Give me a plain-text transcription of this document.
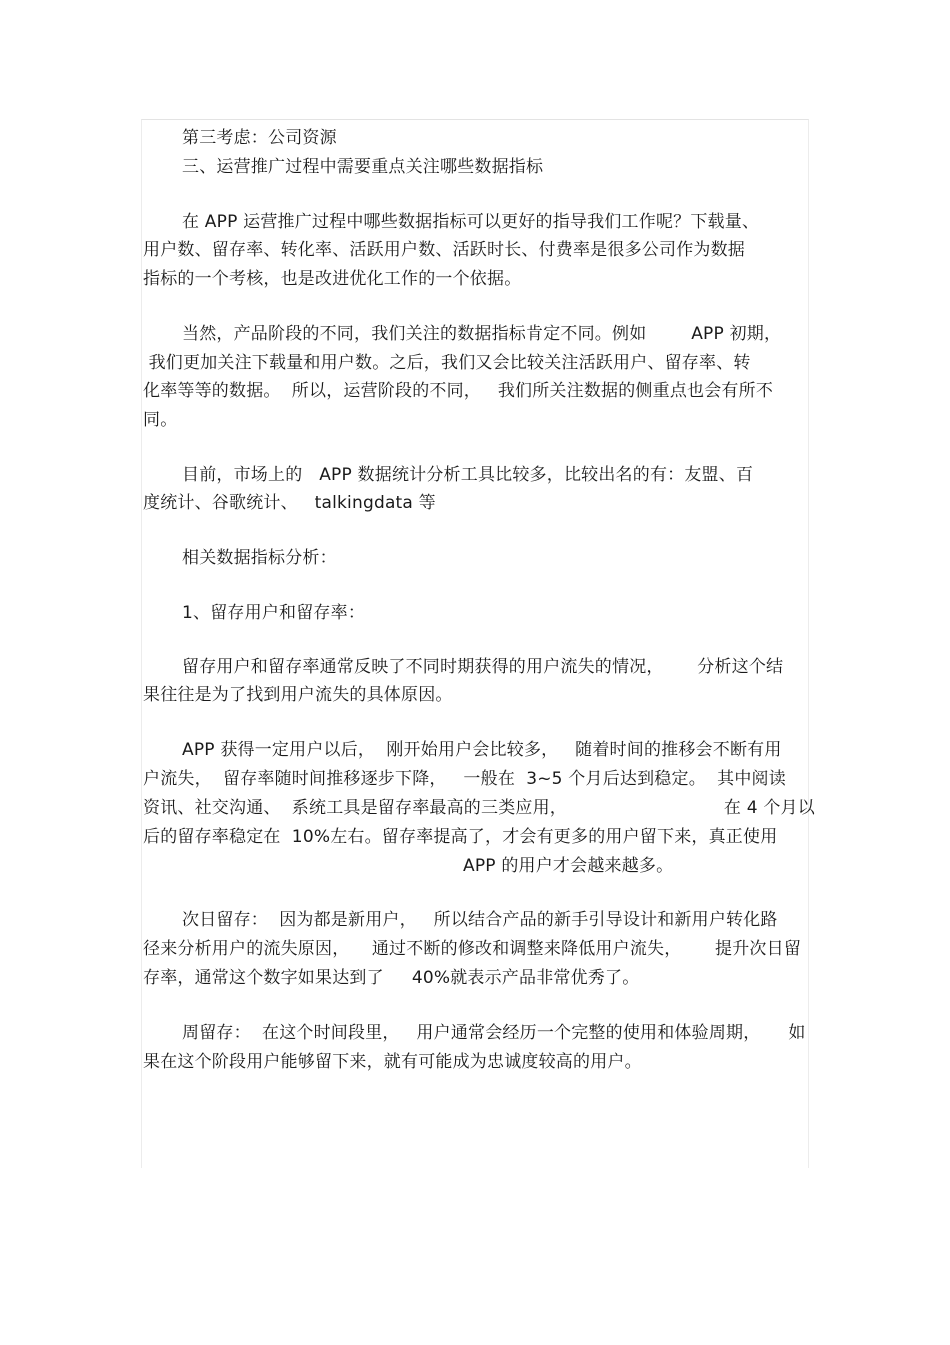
第三考虑：公司资源
三、运营推广过程中需要重点关注哪些数据指标
在 APP 运营推广过程中哪些数据指标可以更好的指导我们工作呢？下载量、
用户数、留存率、转化率、活跃用户数、活跃时长、付费率是很多公司作为数据
指标的一个考核，也是改进优化工作的一个依据。
当然，产品阶段的不同，我们关注的数据指标肯定不同。例如        APP 初期，
我们更加关注下载量和用户数。之后，我们又会比较关注活跃用户、留存率、转
化率等等的数据。  所以，运营阶段的不同，   我们所关注数据的侧重点也会有所不
同。
目前，市场上的   APP 数据统计分析工具比较多，比较出名的有：友盟、百
度统计、谷歌统计、   talkingdata 等
相关数据指标分析：
1、留存用户和留存率：
留存用户和留存率通常反映了不同时期获得的用户流失的情况，      分析这个结
果往往是为了找到用户流失的具体原因。
APP 获得一定用户以后，  刚开始用户会比较多，   随着时间的推移会不断有用
户流失，  留存率随时间推移逐步下降，   一般在  3~5 个月后达到稳定。  其中阅读
资讯、社交沟通、  系统工具是留存率最高的三类应用，                            在 4 个月以
后的留存率稳定在  10%左右。留存率提高了，才会有更多的用户留下来，真正使用
APP 的用户才会越来越多。
次日留存：  因为都是新用户，   所以结合产品的新手引导设计和新用户转化路
径来分析用户的流失原因，    通过不断的修改和调整来降低用户流失，      提升次日留
存率，通常这个数字如果达到了     40%就表示产品非常优秀了。
周留存：  在这个时间段里，   用户通常会经历一个完整的使用和体验周期，     如
果在这个阶段用户能够留下来，就有可能成为忠诚度较高的用户。
